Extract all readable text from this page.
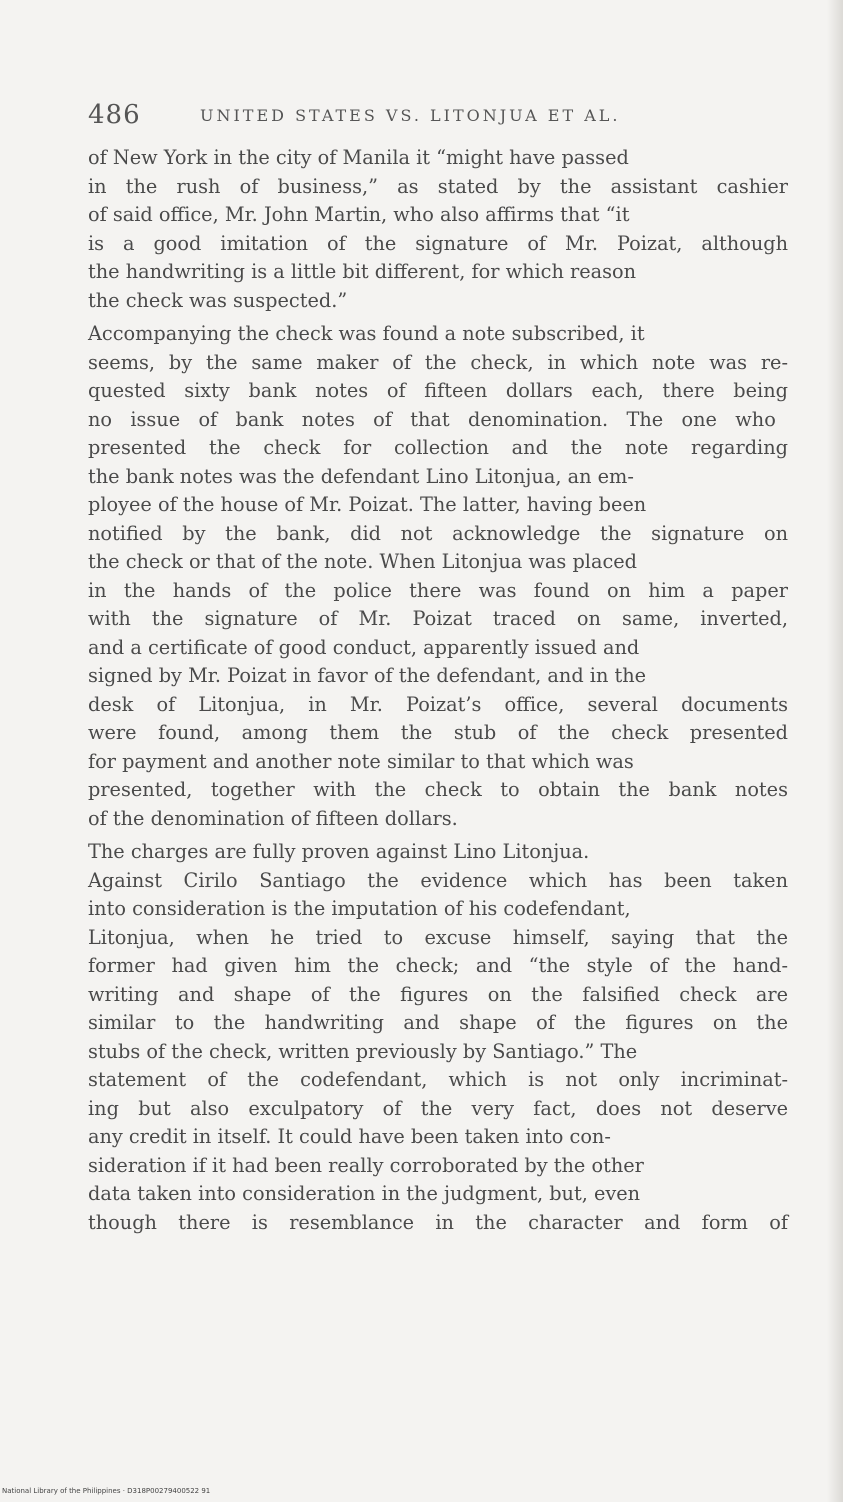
486	UNITED STATES VS. LITONJUA ET AL.
of New York in the city of Manila it “might have passed
in the rush of business,” as stated by the assistant cashier
of said office, Mr. John Martin, who also affirms that “it
is a good imitation of the signature of Mr. Poizat, although
the handwriting is a little bit different, for which reason
the check was suspected.”
Accompanying the check was found a note subscribed, it
seems, by the same maker of the check, in which note was re-
quested sixty bank notes of fifteen dollars each, there being
no issue of bank notes of that denomination. The one who
presented the check for collection and the note regarding
the bank notes was the defendant Lino Litonjua, an em-
ployee of the house of Mr. Poizat. The latter, having been
notified by the bank, did not acknowledge the signature on
the check or that of the note. When Litonjua was placed
in the hands of the police there was found on him a paper
with the signature of Mr. Poizat traced on same, inverted,
and a certificate of good conduct, apparently issued and
signed by Mr. Poizat in favor of the defendant, and in the
desk of Litonjua, in Mr. Poizat’s office, several documents
were found, among them the stub of the check presented
for payment and another note similar to that which was
presented, together with the check to obtain the bank notes
of the denomination of fifteen dollars.
The charges are fully proven against Lino Litonjua.
Against Cirilo Santiago the evidence which has been taken
into consideration is the imputation of his codefendant,
Litonjua, when he tried to excuse himself, saying that the
former had given him the check; and “the style of the hand-
writing and shape of the figures on the falsified check are
similar to the handwriting and shape of the figures on the
stubs of the check, written previously by Santiago.” The
statement of the codefendant, which is not only incriminat-
ing but also exculpatory of the very fact, does not deserve
any credit in itself. It could have been taken into con-
sideration if it had been really corroborated by the other
data taken into consideration in the judgment, but, even
though there is resemblance in the character and form of
National Library of the Philippines · D318P00279400522 91
